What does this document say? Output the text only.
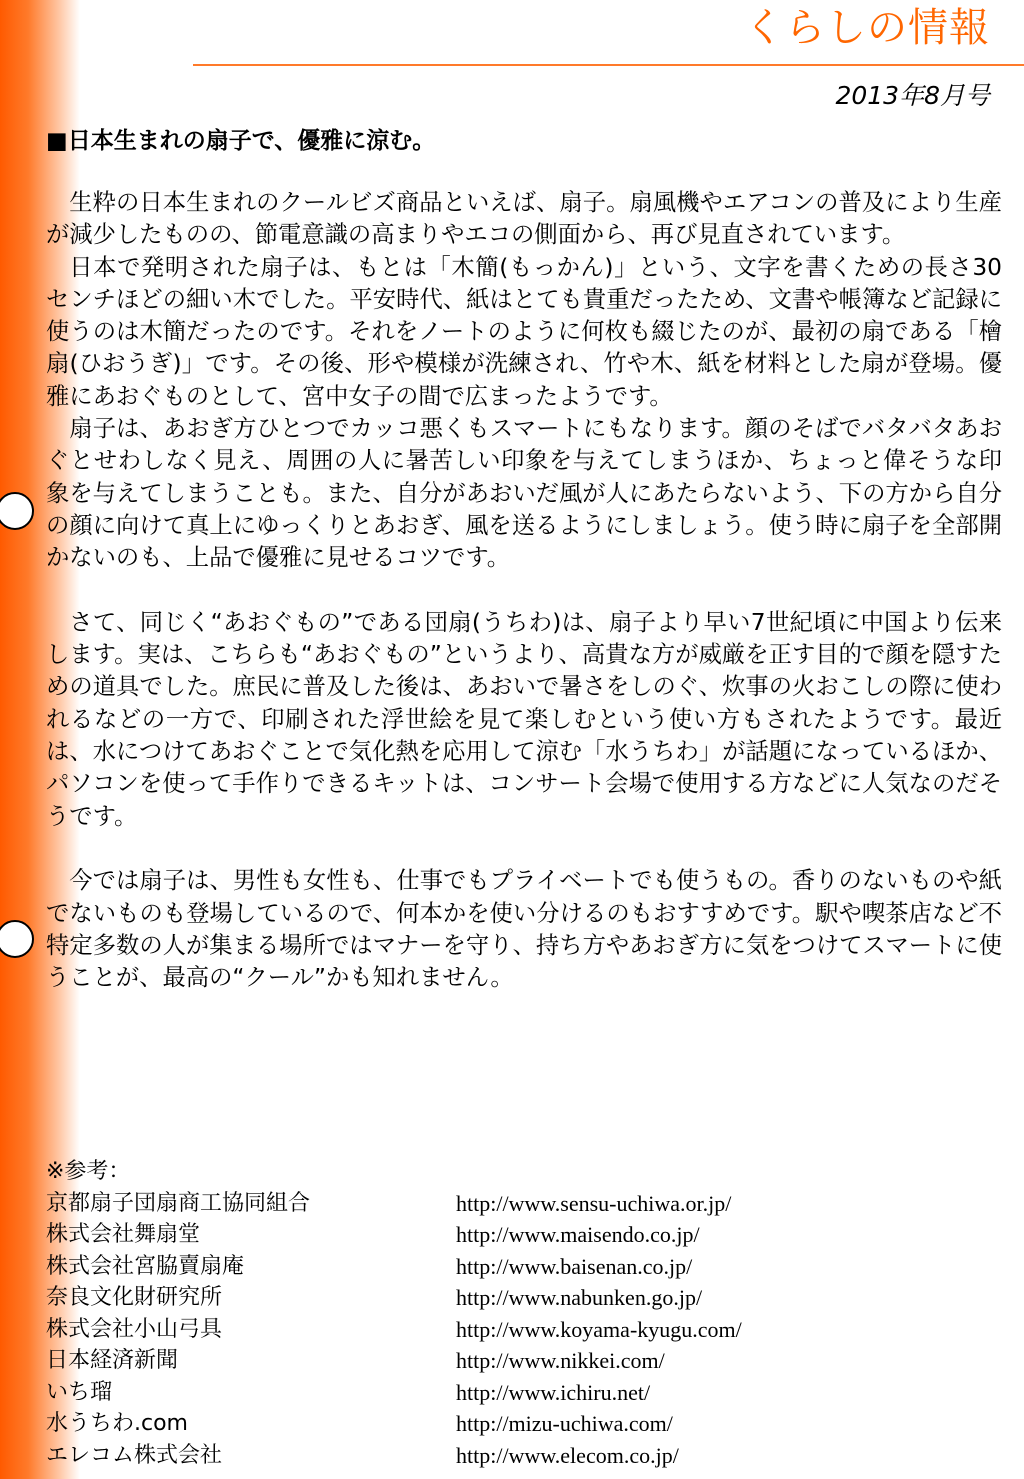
くらしの情報
2013年8月号
■日本生まれの扇子で、優雅に涼む。

生粋の日本生まれのクールビズ商品といえば、扇子。扇風機やエアコンの普及により生産が減少したものの、節電意識の高まりやエコの側面から、再び見直されています。

日本で発明された扇子は、もとは「木簡(もっかん)」という、文字を書くための長さ30センチほどの細い木でした。平安時代、紙はとても貴重だったため、文書や帳簿など記録に使うのは木簡だったのです。それをノートのように何枚も綴じたのが、最初の扇である「檜扇(ひおうぎ)」です。その後、形や模様が洗練され、竹や木、紙を材料とした扇が登場。優雅にあおぐものとして、宮中女子の間で広まったようです。

扇子は、あおぎ方ひとつでカッコ悪くもスマートにもなります。顔のそばでバタバタあおぐとせわしなく見え、周囲の人に暑苦しい印象を与えてしまうほか、ちょっと偉そうな印象を与えてしまうことも。また、自分があおいだ風が人にあたらないよう、下の方から自分の顔に向けて真上にゆっくりとあおぎ、風を送るようにしましょう。使う時に扇子を全部開かないのも、上品で優雅に見せるコツです。

さて、同じく“あおぐもの”である団扇(うちわ)は、扇子より早い7世紀頃に中国より伝来します。実は、こちらも“あおぐもの”というより、高貴な方が威厳を正す目的で顔を隠すための道具でした。庶民に普及した後は、あおいで暑さをしのぐ、炊事の火おこしの際に使われるなどの一方で、印刷された浮世絵を見て楽しむという使い方もされたようです。最近は、水につけてあおぐことで気化熱を応用して涼む「水うちわ」が話題になっているほか、パソコンを使って手作りできるキットは、コンサート会場で使用する方などに人気なのだそうです。

今では扇子は、男性も女性も、仕事でもプライベートでも使うもの。香りのないものや紙でないものも登場しているので、何本かを使い分けるのもおすすめです。駅や喫茶店など不特定多数の人が集まる場所ではマナーを守り、持ち方やあおぎ方に気をつけてスマートに使うことが、最高の“クール”かも知れません。

※参考：
京都扇子団扇商工協同組合	http://www.sensu-uchiwa.or.jp/
株式会社舞扇堂	http://www.maisendo.co.jp/
株式会社宮脇賣扇庵	http://www.baisenan.co.jp/
奈良文化財研究所	http://www.nabunken.go.jp/
株式会社小山弓具	http://www.koyama-kyugu.com/
日本経済新聞	http://www.nikkei.com/
いち瑠	http://www.ichiru.net/
水うちわ.com	http://mizu-uchiwa.com/
エレコム株式会社	http://www.elecom.co.jp/
